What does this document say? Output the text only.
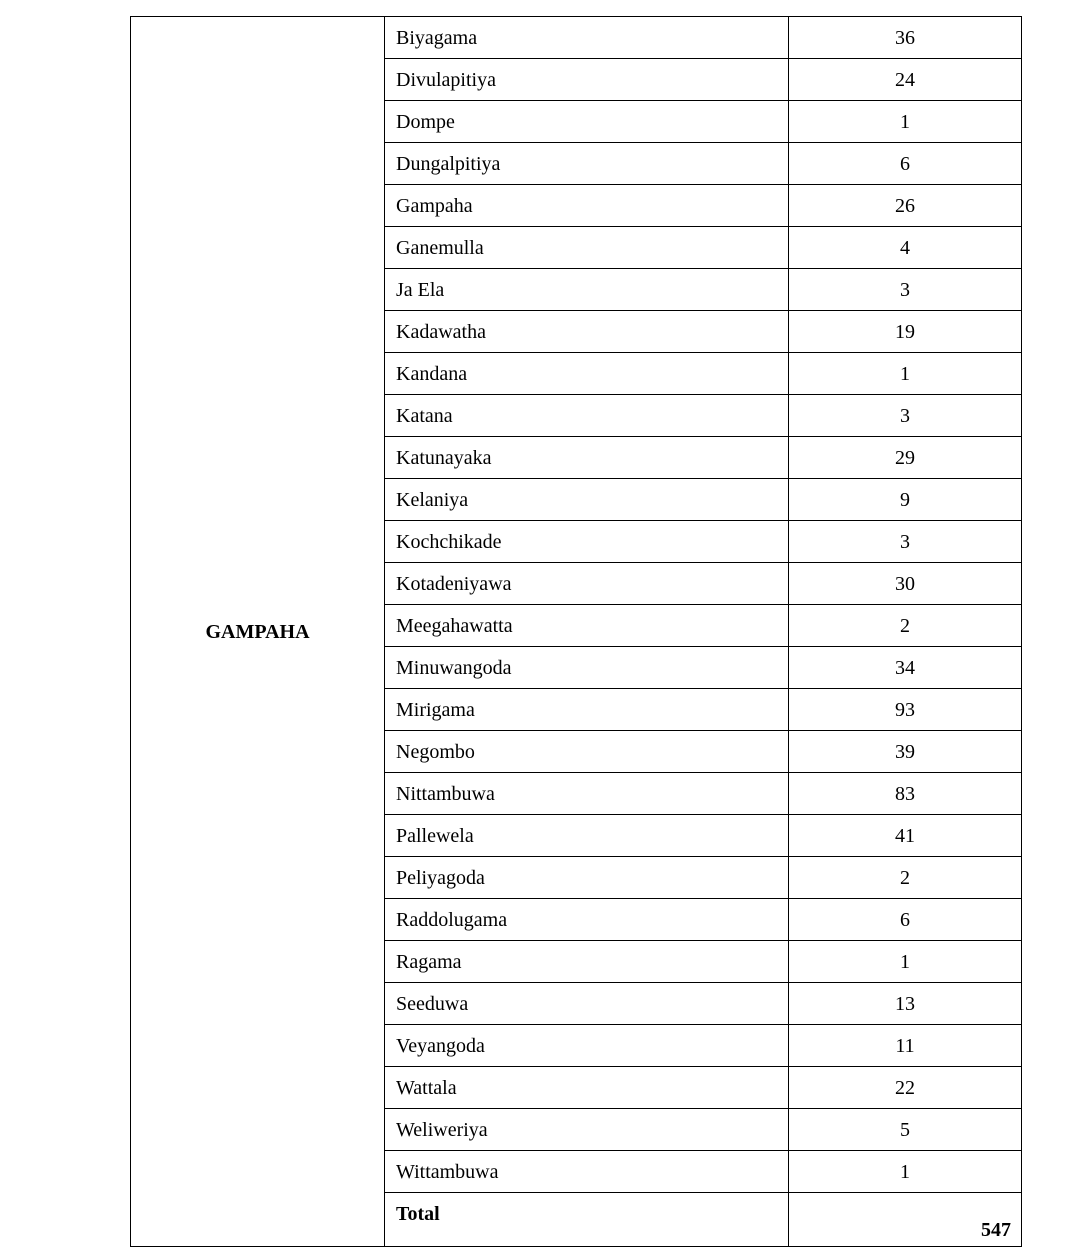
GAMPAHA	Biyagama	36
	Divulapitiya	24
	Dompe	1
	Dungalpitiya	6
	Gampaha	26
	Ganemulla	4
	Ja Ela	3
	Kadawatha	19
	Kandana	1
	Katana	3
	Katunayaka	29
	Kelaniya	9
	Kochchikade	3
	Kotadeniyawa	30
	Meegahawatta	2
	Minuwangoda	34
	Mirigama	93
	Negombo	39
	Nittambuwa	83
	Pallewela	41
	Peliyagoda	2
	Raddolugama	6
	Ragama	1
	Seeduwa	13
	Veyangoda	11
	Wattala	22
	Weliweriya	5
	Wittambuwa	1
	Total	547
